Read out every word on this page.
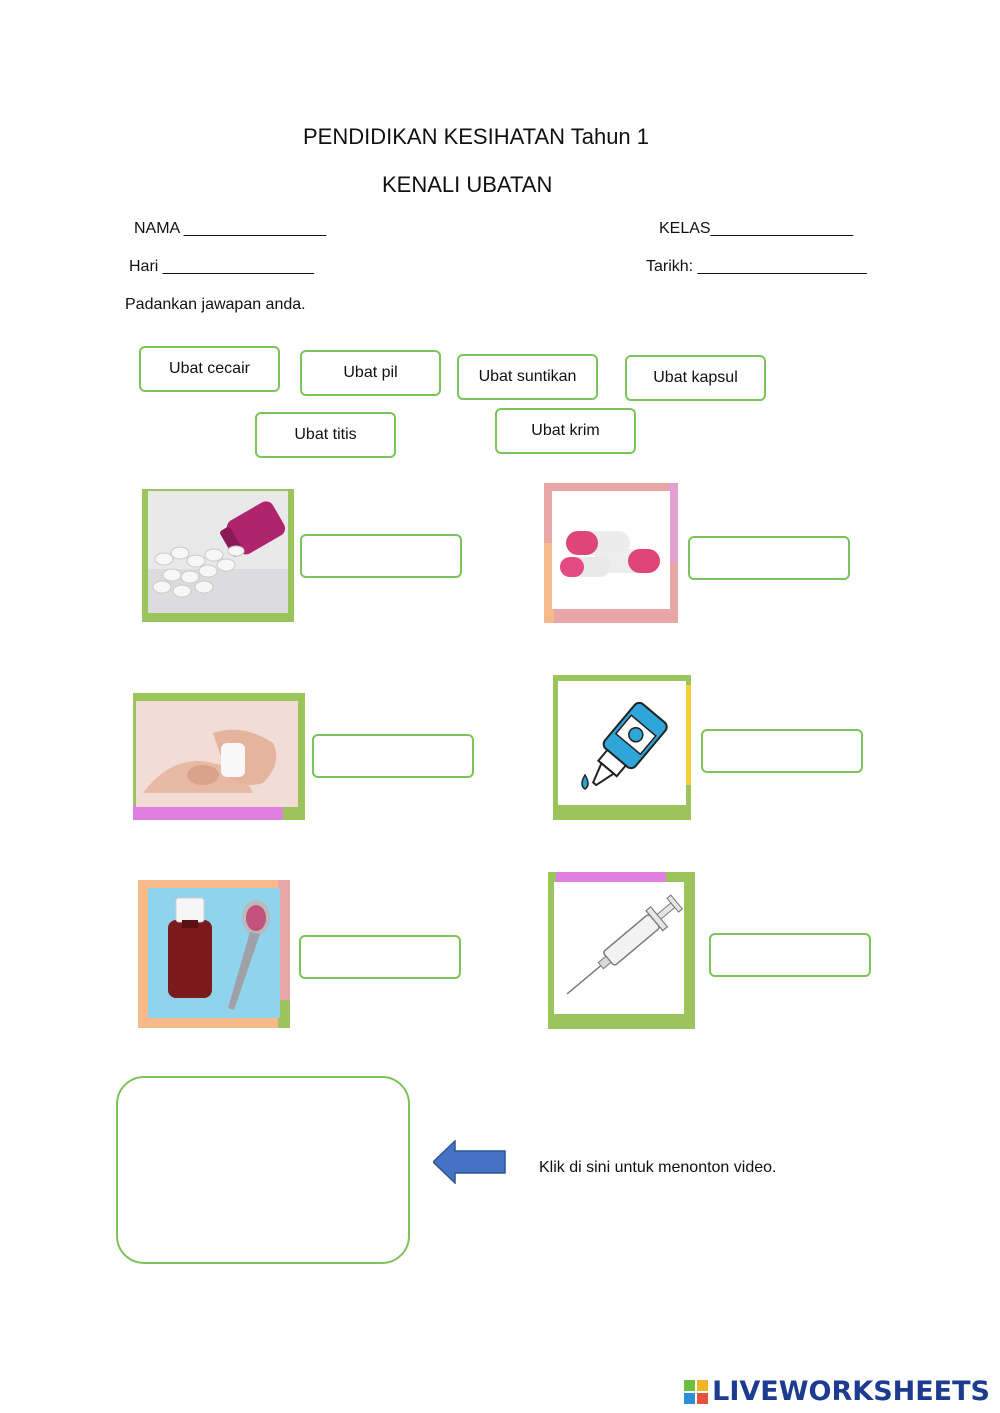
PENDIDIKAN KESIHATAN Tahun 1
KENALI UBATAN
NAMA ________________	KELAS________________
Hari _________________	Tarikh: ___________________
Padankan jawapan anda.
Ubat cecair	Ubat pil	Ubat suntikan	Ubat kapsul
Ubat titis	Ubat krim
Klik di sini untuk menonton video.
LIVEWORKSHEETS
